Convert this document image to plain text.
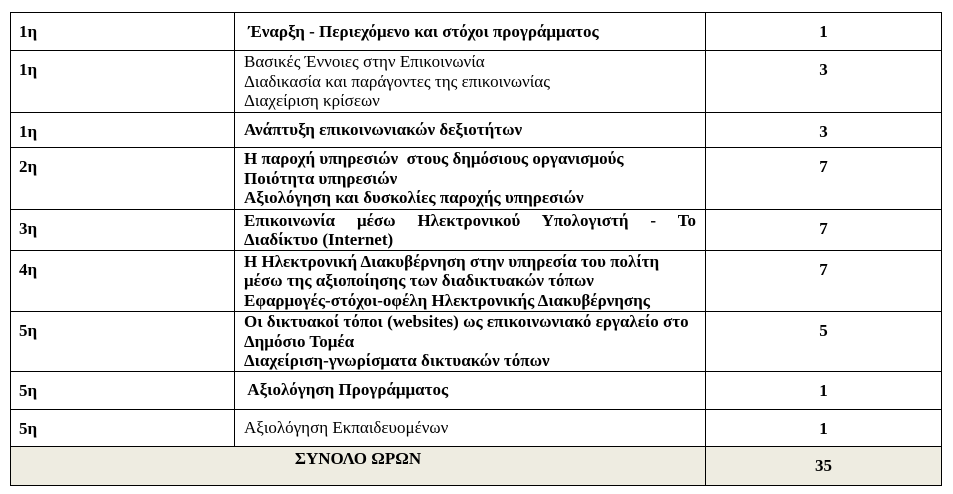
1η	Έναρξη - Περιεχόμενο και στόχοι προγράμματος	1
1η	Βασικές Έννοιες στην Επικοινωνία
Διαδικασία και παράγοντες της επικοινωνίας
Διαχείριση κρίσεων	3
1η	Ανάπτυξη επικοινωνιακών δεξιοτήτων	3
2η	Η παροχή υπηρεσιών  στους δημόσιους οργανισμούς
Ποιότητα υπηρεσιών
Αξιολόγηση και δυσκολίες παροχής υπηρεσιών	7
3η	Επικοινωνία μέσω Ηλεκτρονικού Υπολογιστή - Το
Διαδίκτυο (Internet)	7
4η	Η Ηλεκτρονική Διακυβέρνηση στην υπηρεσία του πολίτη
μέσω της αξιοποίησης των διαδικτυακών τόπων
Εφαρμογές-στόχοι-οφέλη Ηλεκτρονικής Διακυβέρνησης	7
5η	Οι δικτυακοί τόποι (websites) ως επικοινωνιακό εργαλείο στο
Δημόσιο Τομέα
Διαχείριση-γνωρίσματα δικτυακών τόπων	5
5η	Αξιολόγηση Προγράμματος	1
5η	Αξιολόγηση Εκπαιδευομένων	1
ΣΥΝΟΛΟ ΩΡΩΝ		35
